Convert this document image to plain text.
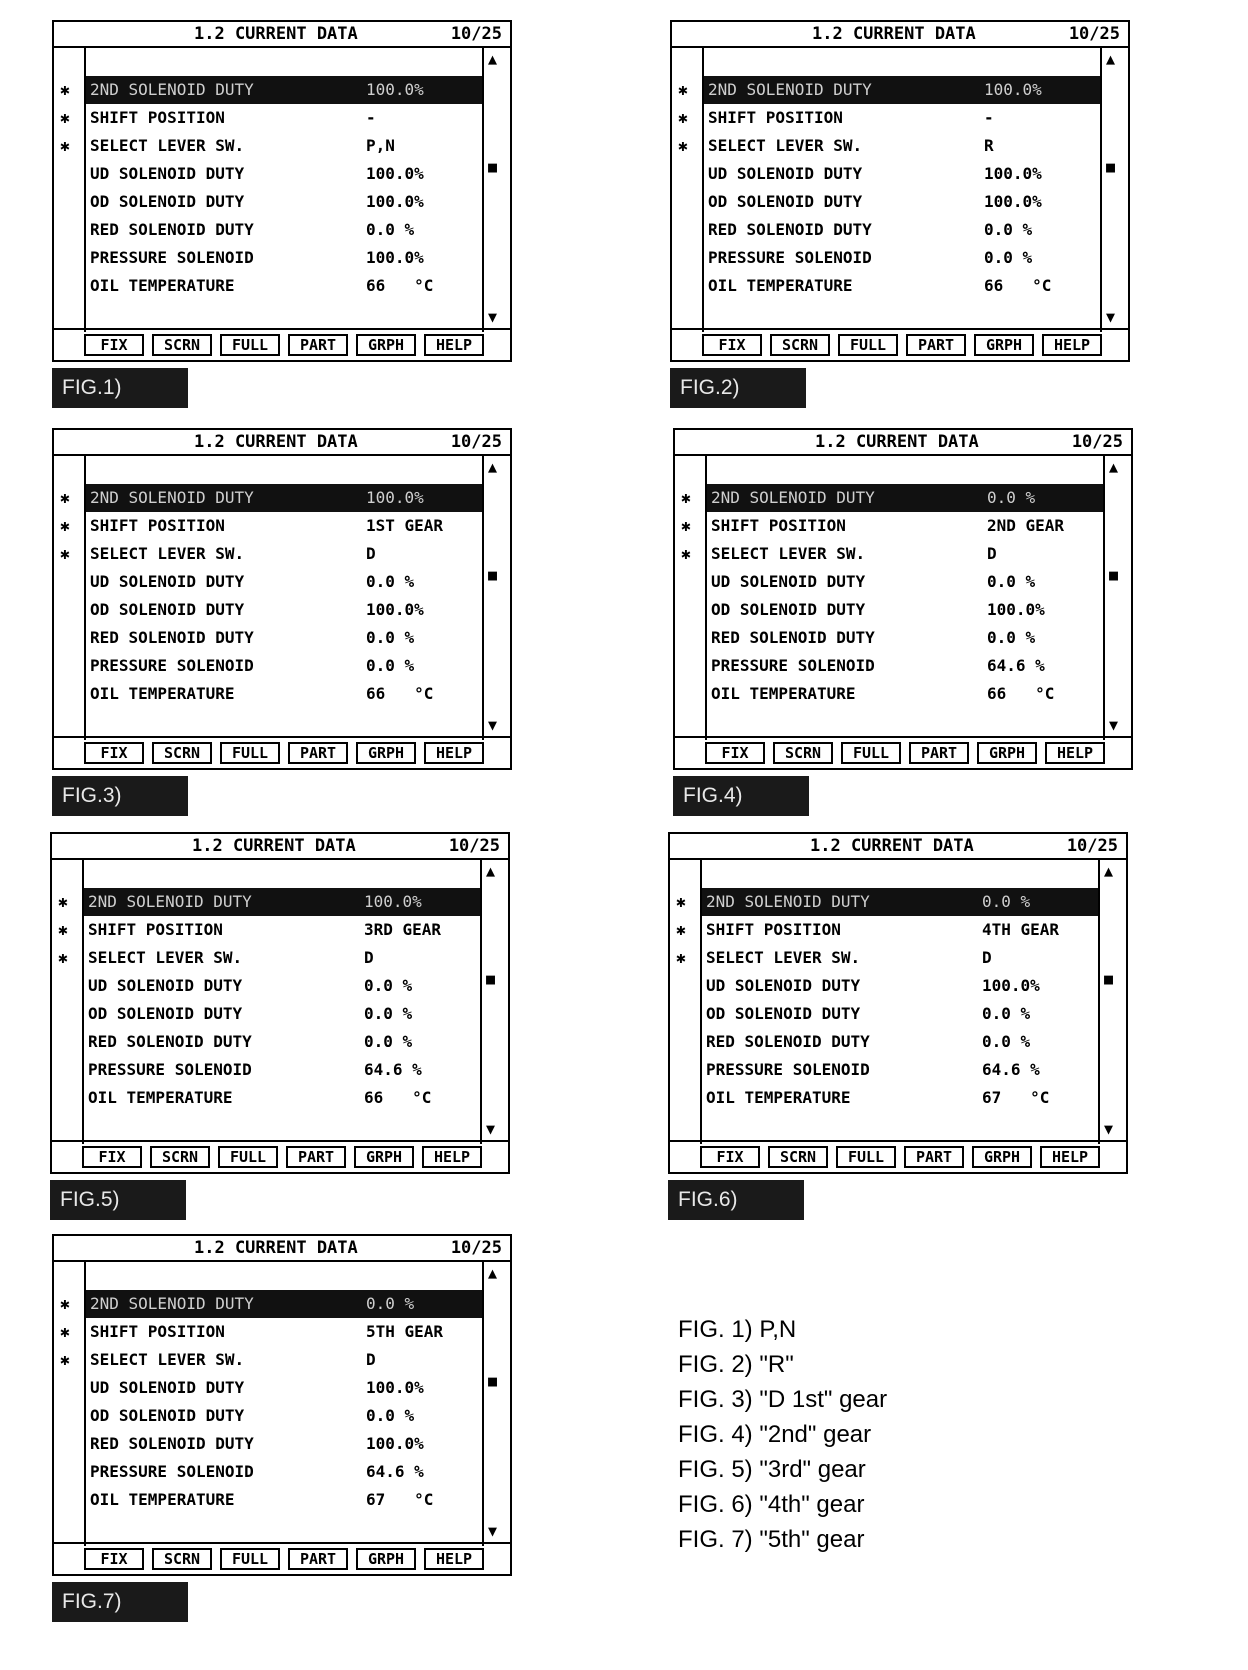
1.2 CURRENT DATA	10/25
✱
✱
✱
2ND SOLENOID DUTY	100.0%
SHIFT POSITION	-
SELECT LEVER SW.	P,N
UD SOLENOID DUTY	100.0%
OD SOLENOID DUTY	100.0%
RED SOLENOID DUTY	0.0 %
PRESSURE SOLENOID	100.0%
OIL TEMPERATURE	66   °C
▲
■
▼
FIX	SCRN	FULL	PART	GRPH	HELP
FIG.1)
1.2 CURRENT DATA	10/25
✱
✱
✱
2ND SOLENOID DUTY	100.0%
SHIFT POSITION	-
SELECT LEVER SW.	R
UD SOLENOID DUTY	100.0%
OD SOLENOID DUTY	100.0%
RED SOLENOID DUTY	0.0 %
PRESSURE SOLENOID	0.0 %
OIL TEMPERATURE	66   °C
▲
■
▼
FIX	SCRN	FULL	PART	GRPH	HELP
FIG.2)
1.2 CURRENT DATA	10/25
✱
✱
✱
2ND SOLENOID DUTY	100.0%
SHIFT POSITION	1ST GEAR
SELECT LEVER SW.	D
UD SOLENOID DUTY	0.0 %
OD SOLENOID DUTY	100.0%
RED SOLENOID DUTY	0.0 %
PRESSURE SOLENOID	0.0 %
OIL TEMPERATURE	66   °C
▲
■
▼
FIX	SCRN	FULL	PART	GRPH	HELP
FIG.3)
1.2 CURRENT DATA	10/25
✱
✱
✱
2ND SOLENOID DUTY	0.0 %
SHIFT POSITION	2ND GEAR
SELECT LEVER SW.	D
UD SOLENOID DUTY	0.0 %
OD SOLENOID DUTY	100.0%
RED SOLENOID DUTY	0.0 %
PRESSURE SOLENOID	64.6 %
OIL TEMPERATURE	66   °C
▲
■
▼
FIX	SCRN	FULL	PART	GRPH	HELP
FIG.4)
1.2 CURRENT DATA	10/25
✱
✱
✱
2ND SOLENOID DUTY	100.0%
SHIFT POSITION	3RD GEAR
SELECT LEVER SW.	D
UD SOLENOID DUTY	0.0 %
OD SOLENOID DUTY	0.0 %
RED SOLENOID DUTY	0.0 %
PRESSURE SOLENOID	64.6 %
OIL TEMPERATURE	66   °C
▲
■
▼
FIX	SCRN	FULL	PART	GRPH	HELP
FIG.5)
1.2 CURRENT DATA	10/25
✱
✱
✱
2ND SOLENOID DUTY	0.0 %
SHIFT POSITION	4TH GEAR
SELECT LEVER SW.	D
UD SOLENOID DUTY	100.0%
OD SOLENOID DUTY	0.0 %
RED SOLENOID DUTY	0.0 %
PRESSURE SOLENOID	64.6 %
OIL TEMPERATURE	67   °C
▲
■
▼
FIX	SCRN	FULL	PART	GRPH	HELP
FIG.6)
1.2 CURRENT DATA	10/25
✱
✱
✱
2ND SOLENOID DUTY	0.0 %
SHIFT POSITION	5TH GEAR
SELECT LEVER SW.	D
UD SOLENOID DUTY	100.0%
OD SOLENOID DUTY	0.0 %
RED SOLENOID DUTY	100.0%
PRESSURE SOLENOID	64.6 %
OIL TEMPERATURE	67   °C
▲
■
▼
FIX	SCRN	FULL	PART	GRPH	HELP
FIG.7)
FIG. 1) P,N
FIG. 2) "R"
FIG. 3) "D 1st" gear
FIG. 4) "2nd" gear
FIG. 5) "3rd" gear
FIG. 6) "4th" gear
FIG. 7) "5th" gear
